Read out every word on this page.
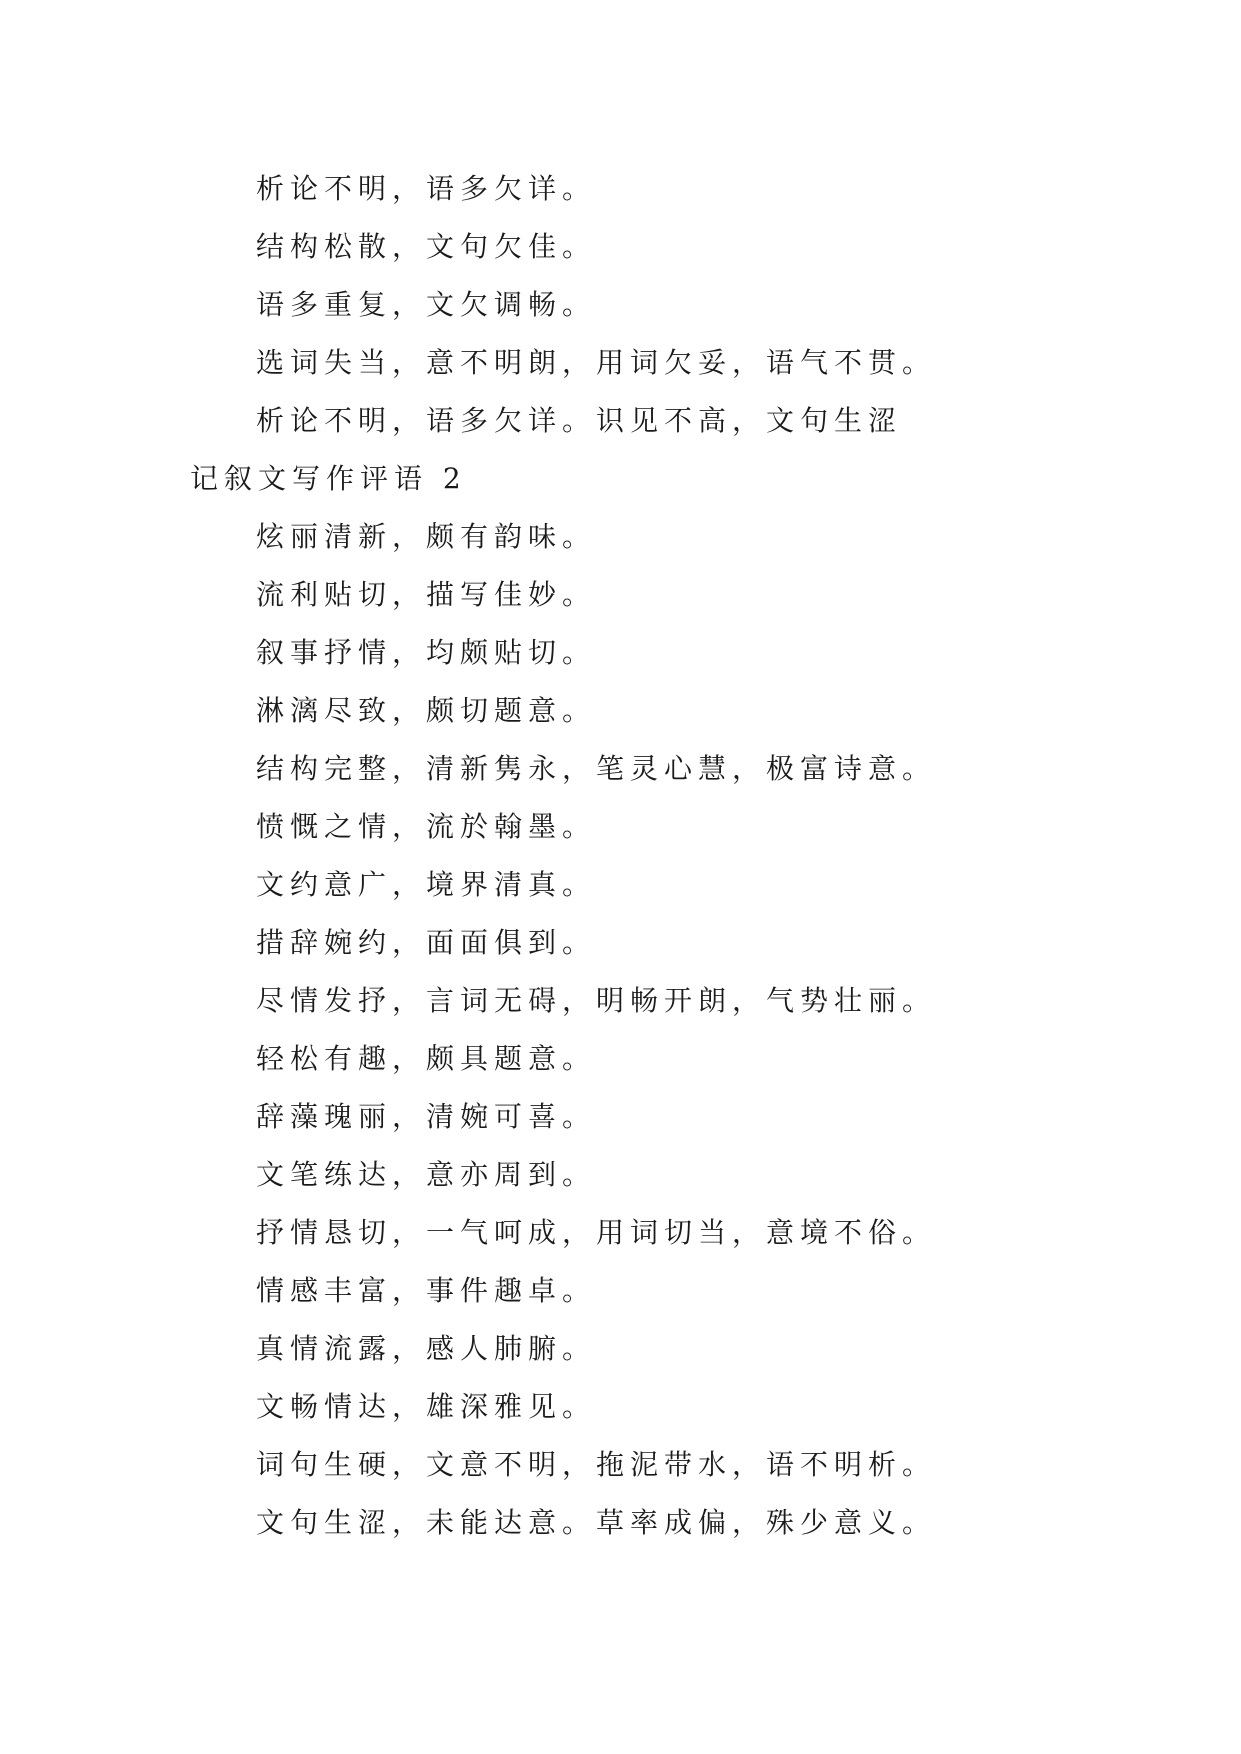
析论不明，语多欠详。
结构松散，文句欠佳。
语多重复，文欠调畅。
选词失当，意不明朗，用词欠妥，语气不贯。
析论不明，语多欠详。识见不高，文句生涩
记叙文写作评语 2
炫丽清新，颇有韵味。
流利贴切，描写佳妙。
叙事抒情，均颇贴切。
淋漓尽致，颇切题意。
结构完整，清新隽永，笔灵心慧，极富诗意。
愤慨之情，流於翰墨。
文约意广，境界清真。
措辞婉约，面面俱到。
尽情发抒，言词无碍，明畅开朗，气势壮丽。
轻松有趣，颇具题意。
辞藻瑰丽，清婉可喜。
文笔练达，意亦周到。
抒情恳切，一气呵成，用词切当，意境不俗。
情感丰富，事件趣卓。
真情流露，感人肺腑。
文畅情达，雄深雅见。
词句生硬，文意不明，拖泥带水，语不明析。
文句生涩，未能达意。草率成偏，殊少意义。
